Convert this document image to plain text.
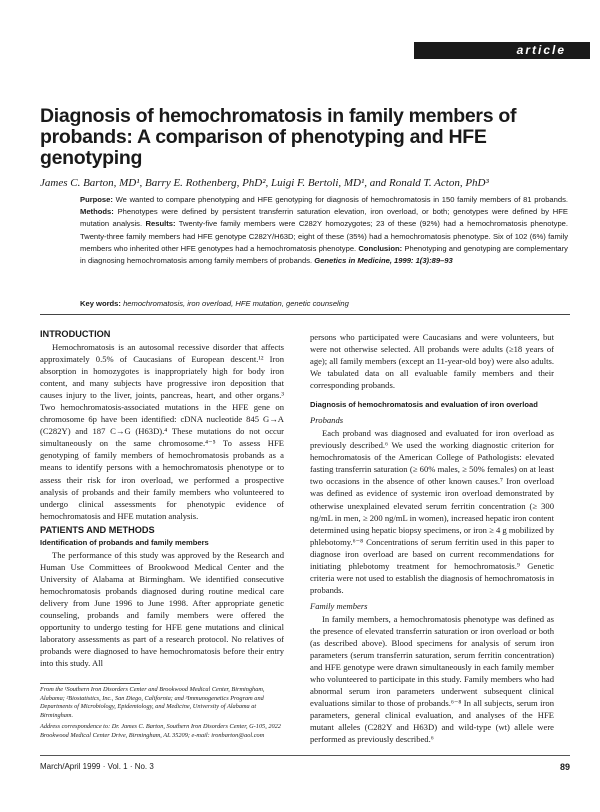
article
Diagnosis of hemochromatosis in family members of probands: A comparison of phenotyping and HFE genotyping
James C. Barton, MD¹, Barry E. Rothenberg, PhD², Luigi F. Bertoli, MD¹, and Ronald T. Acton, PhD³
Purpose: We wanted to compare phenotyping and HFE genotyping for diagnosis of hemochromatosis in 150 family members of 81 probands. Methods: Phenotypes were defined by persistent transferrin saturation elevation, iron overload, or both; genotypes were defined by HFE mutation analysis. Results: Twenty-five family members were C282Y homozygotes; 23 of these (92%) had a hemochromatosis phenotype. Twenty-three family members had HFE genotype C282Y/H63D; eight of these (35%) had a hemochromatosis phenotype. Six of 102 (6%) family members who inherited other HFE genotypes had a hemochromatosis phenotype. Conclusion: Phenotyping and genotyping are complementary in diagnosing hemochromatosis among family members of probands. Genetics in Medicine, 1999: 1(3):89–93
Key words: hemochromatosis, iron overload, HFE mutation, genetic counseling
INTRODUCTION

Hemochromatosis is an autosomal recessive disorder that affects approximately 0.5% of Caucasians of European descent.¹² Iron absorption in homozygotes is inappropriately high for body iron content, and many subjects have progressive iron deposition that causes injury to the liver, joints, pancreas, heart, and other organs.³ Two hemochromatosis-associated mutations in the HFE gene on chromosome 6p have been identified: cDNA nucleotide 845 G→A (C282Y) and 187 C→G (H63D).⁴ These mutations do not occur simultaneously on the same chromosome.⁴⁻⁵ To assess HFE genotyping of family members of hemochromatosis probands as a means to identify persons with a hemochromatosis phenotype or to assess their risk for iron overload, we performed a prospective analysis of probands and their family members who volunteered to undergo clinical assessments for phenotypic evidence of hemochromatosis and HFE mutation analysis.

PATIENTS AND METHODS
Identification of probands and family members

The performance of this study was approved by the Research and Human Use Committees of Brookwood Medical Center and the University of Alabama at Birmingham. We identified consecutive hemochromatosis probands diagnosed during routine medical care delivery from June 1996 to June 1998. After appropriate genetic counseling, probands and family members were offered the opportunity to undergo testing for HFE gene mutations and clinical laboratory assessments as part of a research protocol. No relatives of probands were diagnosed to have hemochromatosis before their entry into this study. All

persons who participated were Caucasians and were volunteers, but were not otherwise selected. All probands were adults (≥18 years of age); all family members (except an 11-year-old boy) were also adults. We tabulated data on all evaluable family members and their corresponding probands.

Diagnosis of hemochromatosis and evaluation of iron overload
Probands

Each proband was diagnosed and evaluated for iron overload as previously described.⁶ We used the working diagnostic criterion for hemochromatosis of the American College of Pathologists: elevated fasting transferrin saturation (≥ 60% males, ≥ 50% females) on at least two occasions in the absence of other known causes.⁷ Iron overload was defined as evidence of systemic iron overload demonstrated by otherwise unexplained elevated serum ferritin concentration (≥ 300 ng/mL in men, ≥ 200 ng/mL in women), increased hepatic iron content determined using hepatic biopsy specimens, or iron ≥ 4 g mobilized by phlebotomy.⁶⁻⁸ Concentrations of serum ferritin used in this paper to diagnose iron overload are based on current recommendations for initiating phlebotomy treatment for hemochromatosis.⁹ Genetic criteria were not used to establish the diagnosis of hemochromatosis in probands.

Family members

In family members, a hemochromatosis phenotype was defined as the presence of elevated transferrin saturation or iron overload or both (as described above). Blood specimens for analysis of serum iron parameters (serum transferrin saturation, serum ferritin concentration) and HFE genotype were drawn simultaneously in each family member who volunteered to participate in this study. Family members who had abnormal serum iron parameters underwent subsequent clinical evaluations similar to those of probands.⁶⁻⁸ In all subjects, serum iron parameters, general clinical evaluation, and analyses of the HFE mutant alleles (C282Y and H63D) and wild-type (wt) allele were performed as previously described.⁶

From the ¹Southern Iron Disorders Center and Brookwood Medical Center, Birmingham, Alabama; ²Biostatistics, Inc., San Diego, California; and ³Immunogenetics Program and Departments of Microbiology, Epidemiology, and Medicine, University of Alabama at Birmingham.

Address correspondence to: Dr. James C. Barton, Southern Iron Disorders Center, G-105, 2022 Brookwood Medical Center Drive, Birmingham, AL 35209; e-mail: ironbarton@aol.com

March/April 1999 · Vol. 1 · No. 3	89
